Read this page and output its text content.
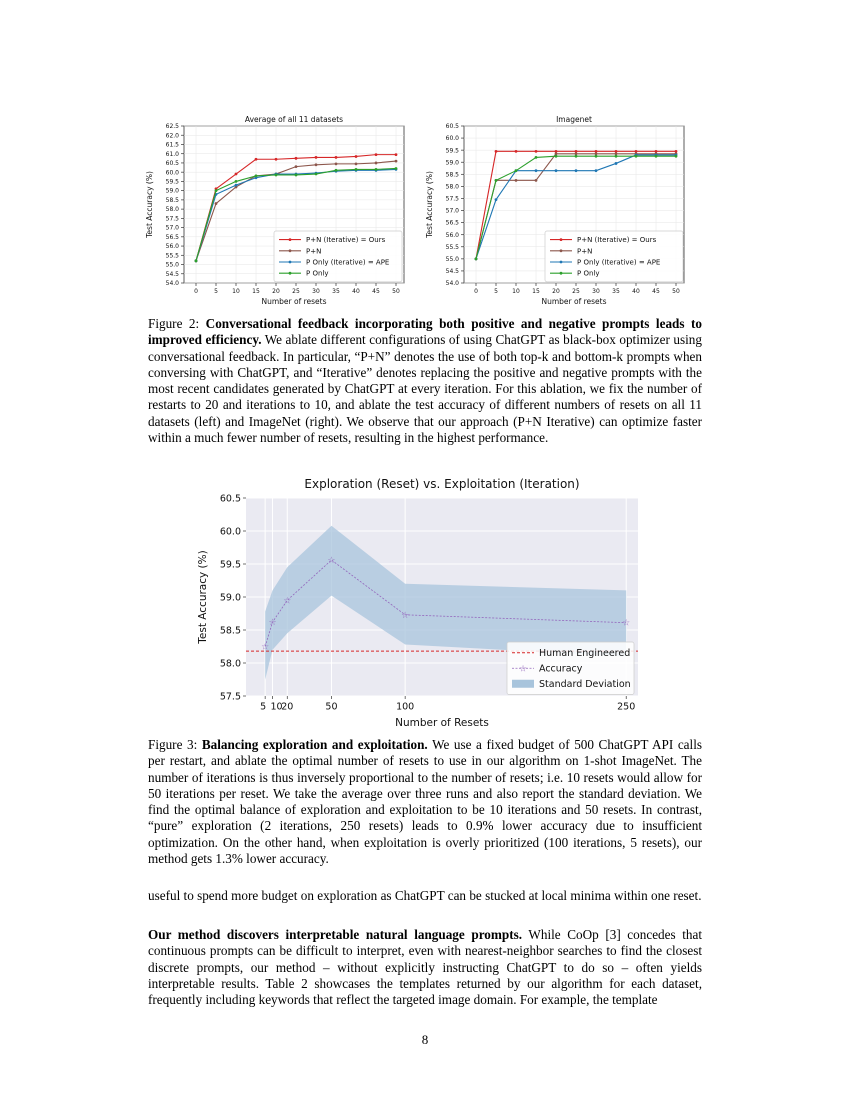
Average of all 11 datasets
54.0
54.5
55.0
55.5
56.0
56.5
57.0
57.5
58.0
58.5
59.0
59.5
60.0
60.5
61.0
61.5
62.0
62.5
0	5 10 15 20 25 30 35 40 45 50
Number of resets
Test Accuracy (%)
P+N (Iterative) = Ours
P+N
P Only (Iterative) = APE
P Only
Imagenet
54.0
54.5
55.0
55.5
56.0
56.5
57.0
57.5
58.0
58.5
59.0
59.5
60.0
60.5
0	5 10 15 20 25 30 35 40 45 50
Number of resets
Test Accuracy (%)
P+N (Iterative) = Ours
P+N
P Only (Iterative) = APE
P Only
Figure 2: Conversational feedback incorporating both positive and negative prompts leads to improved efficiency. We ablate different configurations of using ChatGPT as black-box optimizer using conversational feedback. In particular, “P+N” denotes the use of both top-k and bottom-k prompts when conversing with ChatGPT, and “Iterative” denotes replacing the positive and negative prompts with the most recent candidates generated by ChatGPT at every iteration. For this ablation, we fix the number of restarts to 20 and iterations to 10, and ablate the test accuracy of different numbers of resets on all 11 datasets (left) and ImageNet (right). We observe that our approach (P+N Iterative) can optimize faster within a much fewer number of resets, resulting in the highest performance.
Exploration (Reset) vs. Exploitation (Iteration)
☆
☆
☆
☆
☆
☆
57.5
58.0
58.5
59.0
59.5
60.0
60.5
5 10
20	50	100	250
Number of Resets
Test Accuracy (%)
Human Engineered
☆ Accuracy
Standard Deviation
Figure 3: Balancing exploration and exploitation. We use a fixed budget of 500 ChatGPT API calls per restart, and ablate the optimal number of resets to use in our algorithm on 1-shot ImageNet. The number of iterations is thus inversely proportional to the number of resets; i.e. 10 resets would allow for 50 iterations per reset. We take the average over three runs and also report the standard deviation. We find the optimal balance of exploration and exploitation to be 10 iterations and 50 resets. In contrast, “pure” exploration (2 iterations, 250 resets) leads to 0.9% lower accuracy due to insufficient optimization. On the other hand, when exploitation is overly prioritized (100 iterations, 5 resets), our method gets 1.3% lower accuracy.

useful to spend more budget on exploration as ChatGPT can be stucked at local minima within one reset.

Our method discovers interpretable natural language prompts. While CoOp [3] concedes that continuous prompts can be difficult to interpret, even with nearest-neighbor searches to find the closest discrete prompts, our method – without explicitly instructing ChatGPT to do so – often yields interpretable results. Table 2 showcases the templates returned by our algorithm for each dataset, frequently including keywords that reflect the targeted image domain. For example, the template

8
